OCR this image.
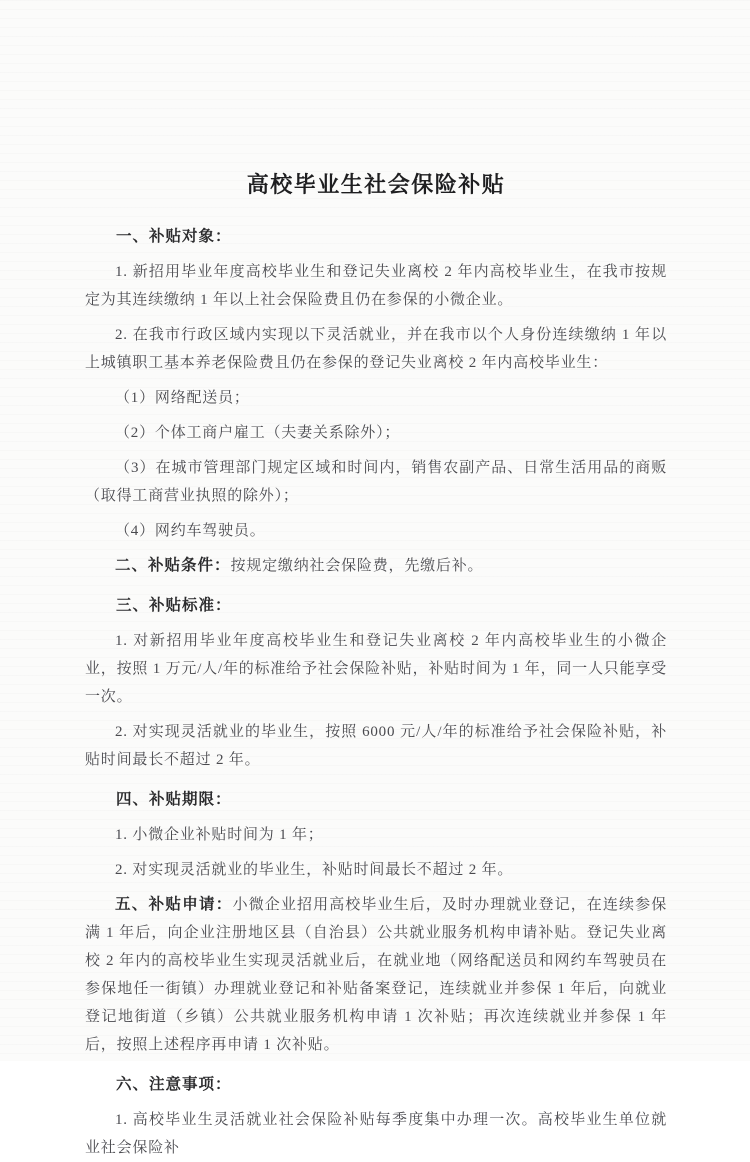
高校毕业生社会保险补贴

一、补贴对象：

1. 新招用毕业年度高校毕业生和登记失业离校 2 年内高校毕业生，在我市按规定为其连续缴纳 1 年以上社会保险费且仍在参保的小微企业。

2. 在我市行政区域内实现以下灵活就业，并在我市以个人身份连续缴纳 1 年以上城镇职工基本养老保险费且仍在参保的登记失业离校 2 年内高校毕业生：

（1）网络配送员；

（2）个体工商户雇工（夫妻关系除外）；

（3）在城市管理部门规定区域和时间内，销售农副产品、日常生活用品的商贩（取得工商营业执照的除外）；

（4）网约车驾驶员。

二、补贴条件：按规定缴纳社会保险费，先缴后补。

三、补贴标准：

1. 对新招用毕业年度高校毕业生和登记失业离校 2 年内高校毕业生的小微企业，按照 1 万元/人/年的标准给予社会保险补贴，补贴时间为 1 年，同一人只能享受一次。

2. 对实现灵活就业的毕业生，按照 6000 元/人/年的标准给予社会保险补贴，补贴时间最长不超过 2 年。

四、补贴期限：

1. 小微企业补贴时间为 1 年；

2. 对实现灵活就业的毕业生，补贴时间最长不超过 2 年。

五、补贴申请：小微企业招用高校毕业生后，及时办理就业登记，在连续参保满 1 年后，向企业注册地区县（自治县）公共就业服务机构申请补贴。登记失业离校 2 年内的高校毕业生实现灵活就业后，在就业地（网络配送员和网约车驾驶员在参保地任一街镇）办理就业登记和补贴备案登记，连续就业并参保 1 年后，向就业登记地街道（乡镇）公共就业服务机构申请 1 次补贴；再次连续就业并参保 1 年后，按照上述程序再申请 1 次补贴。

六、注意事项：

1. 高校毕业生灵活就业社会保险补贴每季度集中办理一次。高校毕业生单位就业社会保险补
